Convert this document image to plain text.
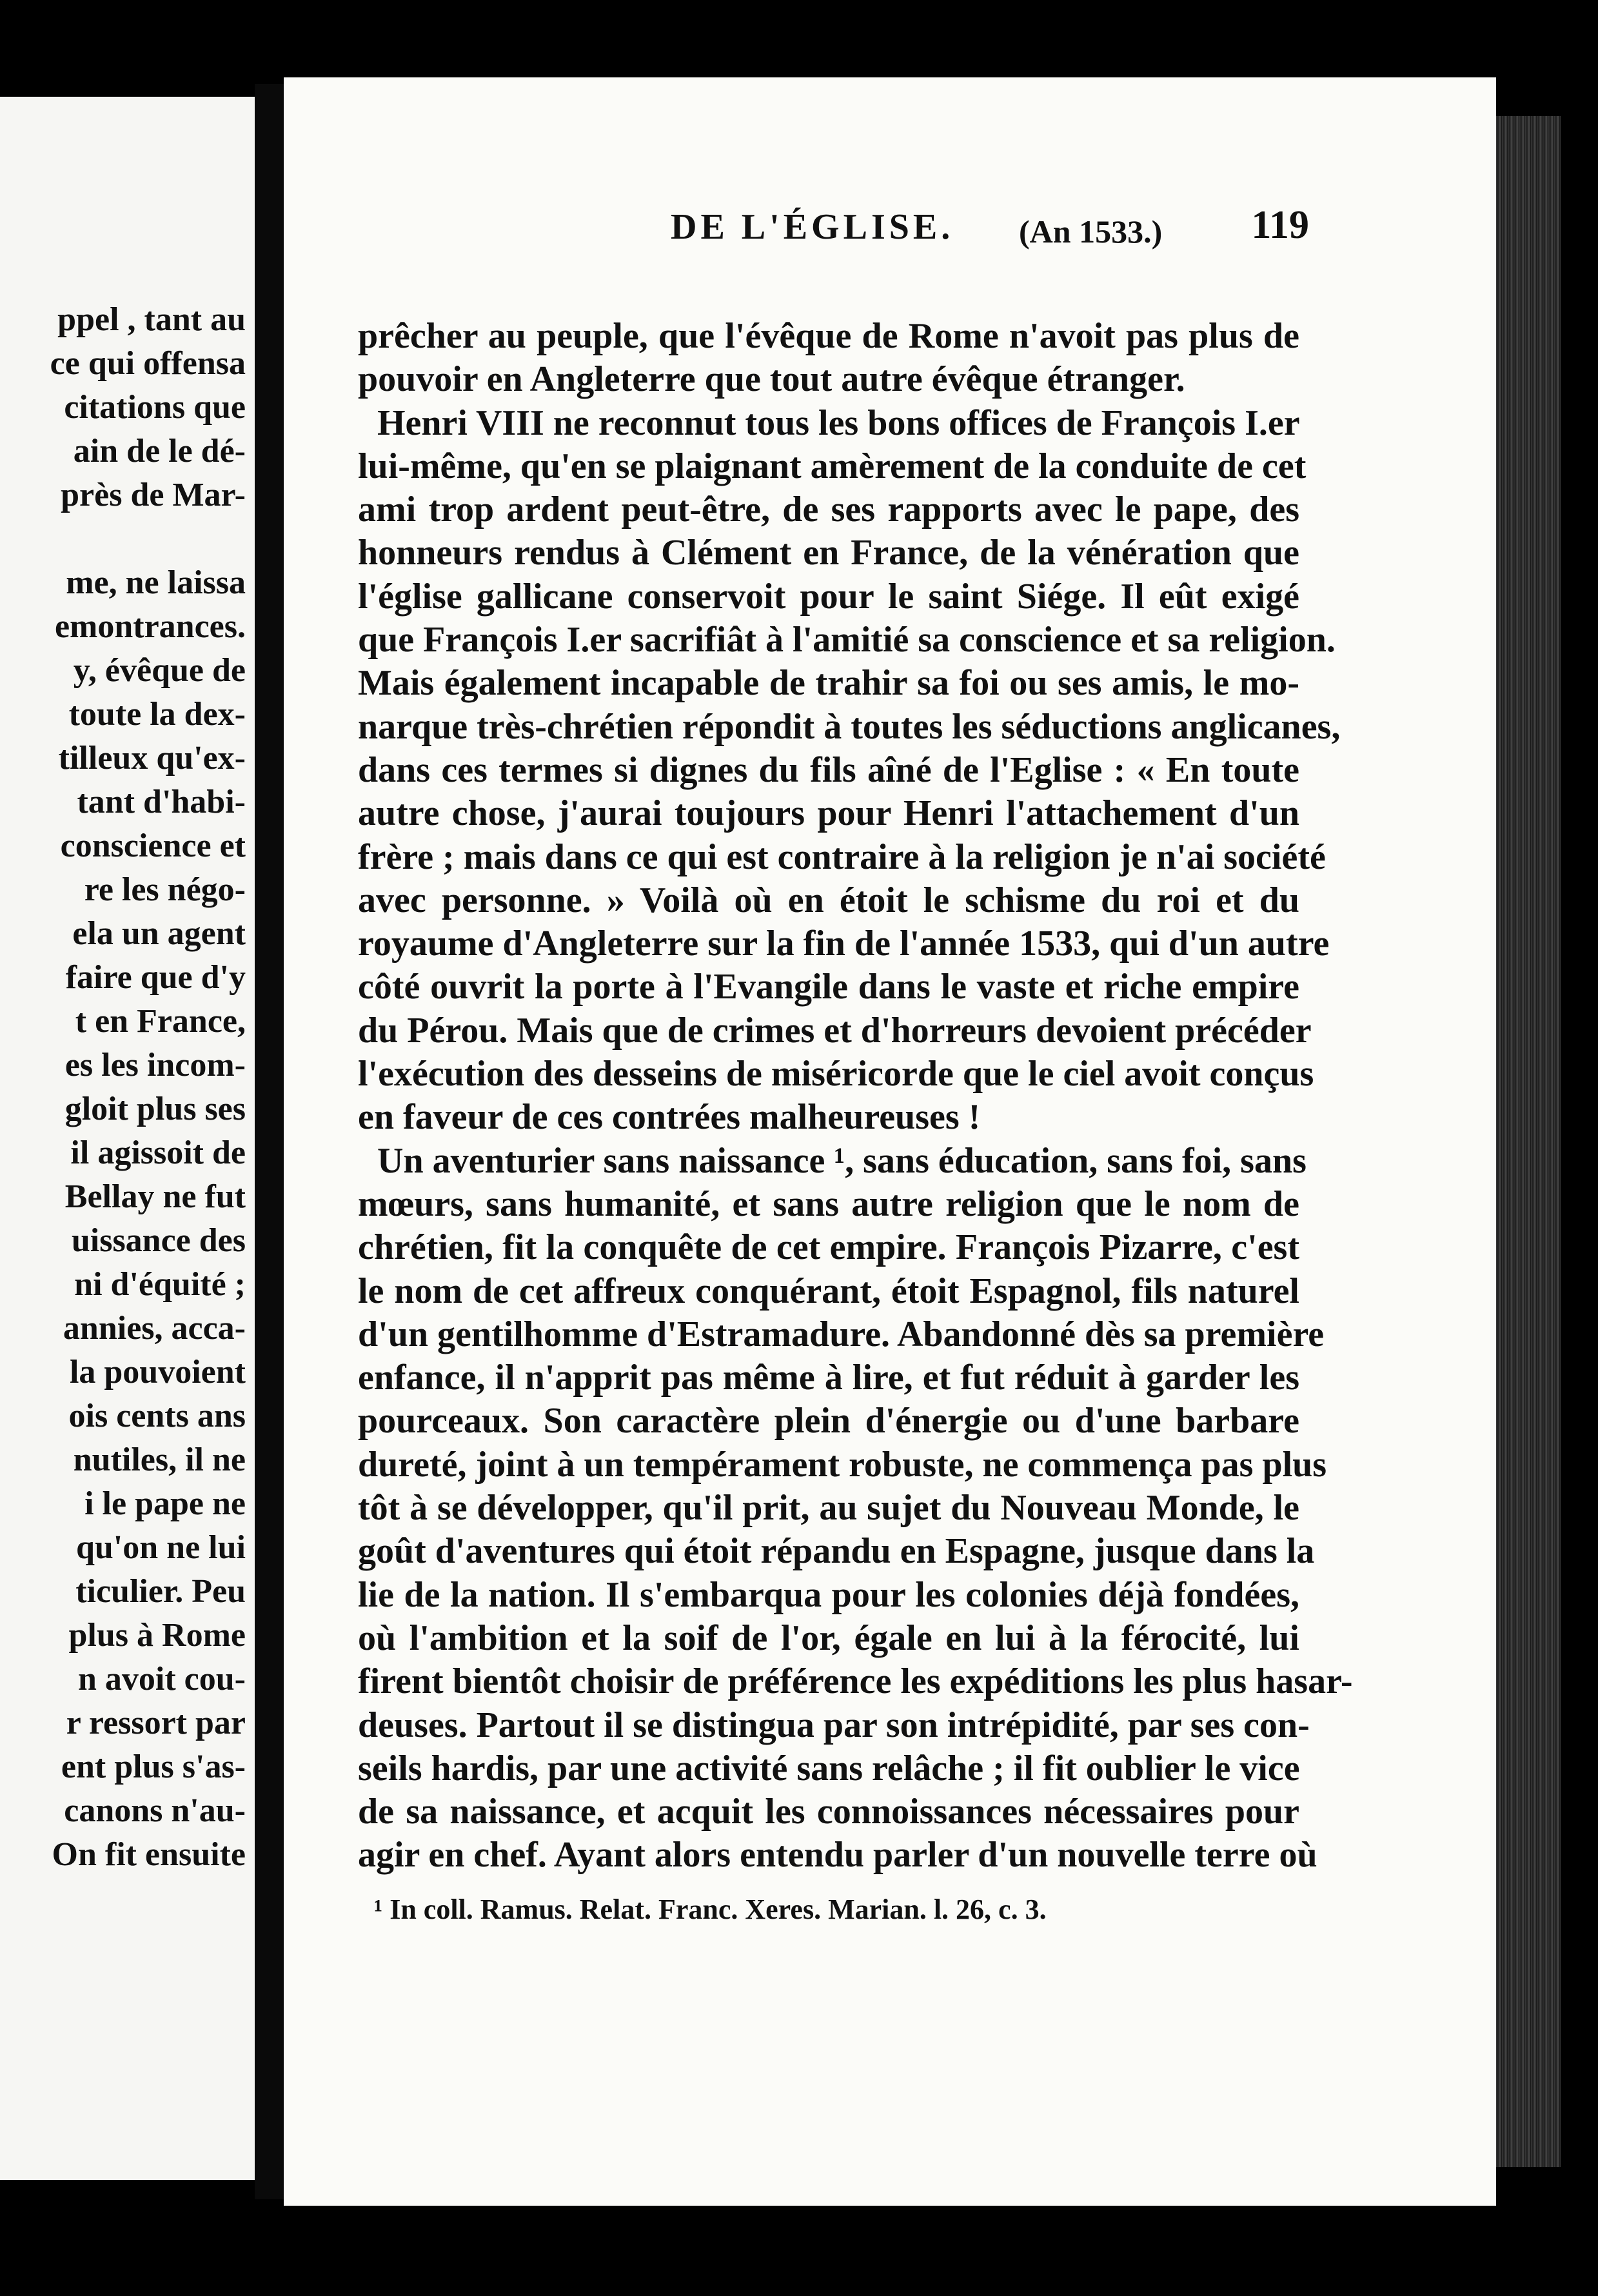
ppel , tant au
ce qui offensa
citations que
ain de le dé-
près de Mar-

me, ne laissa
emontrances.
y, évêque de
toute la dex-
tilleux qu'ex-
tant d'habi-
conscience et
re les négo-
ela un agent
faire que d'y
t en France,
es les incom-
gloit plus ses
il agissoit de
Bellay ne fut
uissance des
ni d'équité ;
annies, acca-
la pouvoient
ois cents ans
nutiles, il ne
i le pape ne
qu'on ne lui
ticulier. Peu
plus à Rome
n avoit cou-
r ressort par
ent plus s'as-
canons n'au-
On fit ensuite
DE L'ÉGLISE. (An 1533.) 119
prêcher au peuple, que l'évêque de Rome n'avoit pas plus de
pouvoir en Angleterre que tout autre évêque étranger.
Henri VIII ne reconnut tous les bons offices de François I.er
lui-même, qu'en se plaignant amèrement de la conduite de cet
ami trop ardent peut-être, de ses rapports avec le pape, des
honneurs rendus à Clément en France, de la vénération que
l'église gallicane conservoit pour le saint Siége. Il eût exigé
que François I.er sacrifiât à l'amitié sa conscience et sa religion.
Mais également incapable de trahir sa foi ou ses amis, le mo-
narque très-chrétien répondit à toutes les séductions anglicanes,
dans ces termes si dignes du fils aîné de l'Eglise : « En toute
autre chose, j'aurai toujours pour Henri l'attachement d'un
frère ; mais dans ce qui est contraire à la religion je n'ai société
avec personne. » Voilà où en étoit le schisme du roi et du
royaume d'Angleterre sur la fin de l'année 1533, qui d'un autre
côté ouvrit la porte à l'Evangile dans le vaste et riche empire
du Pérou. Mais que de crimes et d'horreurs devoient précéder
l'exécution des desseins de miséricorde que le ciel avoit conçus
en faveur de ces contrées malheureuses !
Un aventurier sans naissance ¹, sans éducation, sans foi, sans
mœurs, sans humanité, et sans autre religion que le nom de
chrétien, fit la conquête de cet empire. François Pizarre, c'est
le nom de cet affreux conquérant, étoit Espagnol, fils naturel
d'un gentilhomme d'Estramadure. Abandonné dès sa première
enfance, il n'apprit pas même à lire, et fut réduit à garder les
pourceaux. Son caractère plein d'énergie ou d'une barbare
dureté, joint à un tempérament robuste, ne commença pas plus
tôt à se développer, qu'il prit, au sujet du Nouveau Monde, le
goût d'aventures qui étoit répandu en Espagne, jusque dans la
lie de la nation. Il s'embarqua pour les colonies déjà fondées,
où l'ambition et la soif de l'or, égale en lui à la férocité, lui
firent bientôt choisir de préférence les expéditions les plus hasar-
deuses. Partout il se distingua par son intrépidité, par ses con-
seils hardis, par une activité sans relâche ; il fit oublier le vice
de sa naissance, et acquit les connoissances nécessaires pour
agir en chef. Ayant alors entendu parler d'un nouvelle terre où
¹ In coll. Ramus. Relat. Franc. Xeres. Marian. l. 26, c. 3.
